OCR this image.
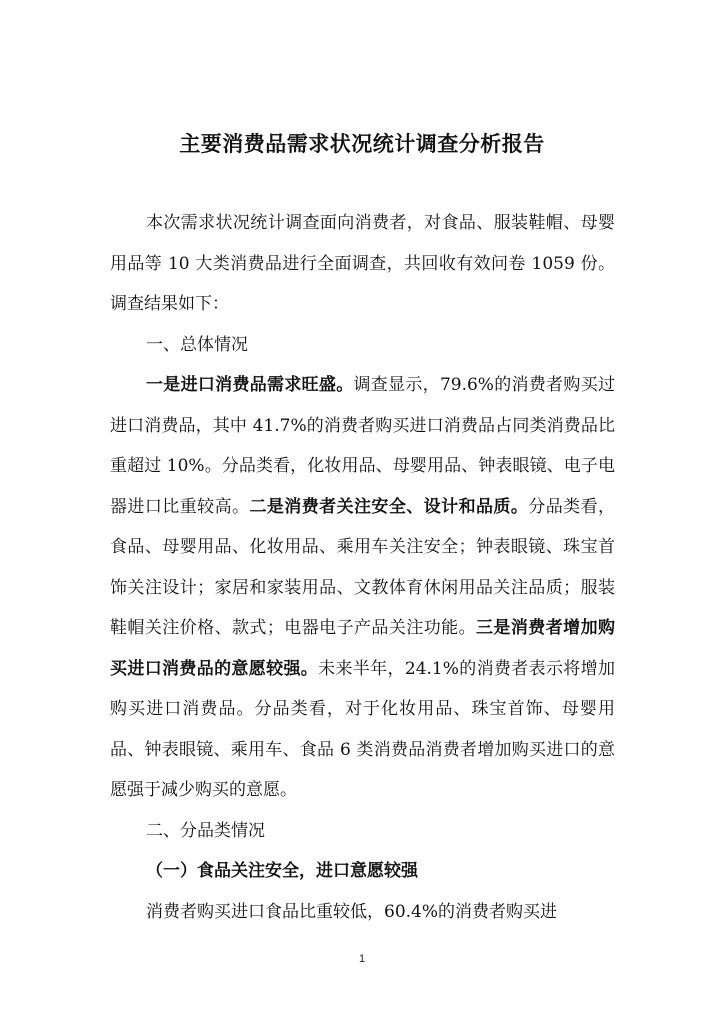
主要消费品需求状况统计调查分析报告

本次需求状况统计调查面向消费者，对食品、服装鞋帽、母婴用品等 10 大类消费品进行全面调查，共回收有效问卷 1059 份。调查结果如下：

一、总体情况

一是进口消费品需求旺盛。调查显示，79.6%的消费者购买过进口消费品，其中 41.7%的消费者购买进口消费品占同类消费品比重超过 10%。分品类看，化妆用品、母婴用品、钟表眼镜、电子电器进口比重较高。二是消费者关注安全、设计和品质。分品类看，食品、母婴用品、化妆用品、乘用车关注安全；钟表眼镜、珠宝首饰关注设计；家居和家装用品、文教体育休闲用品关注品质；服装鞋帽关注价格、款式；电器电子产品关注功能。三是消费者增加购买进口消费品的意愿较强。未来半年，24.1%的消费者表示将增加购买进口消费品。分品类看，对于化妆用品、珠宝首饰、母婴用品、钟表眼镜、乘用车、食品 6 类消费品消费者增加购买进口的意愿强于减少购买的意愿。

二、分品类情况

（一）食品关注安全，进口意愿较强

消费者购买进口食品比重较低，60.4%的消费者购买进

1
